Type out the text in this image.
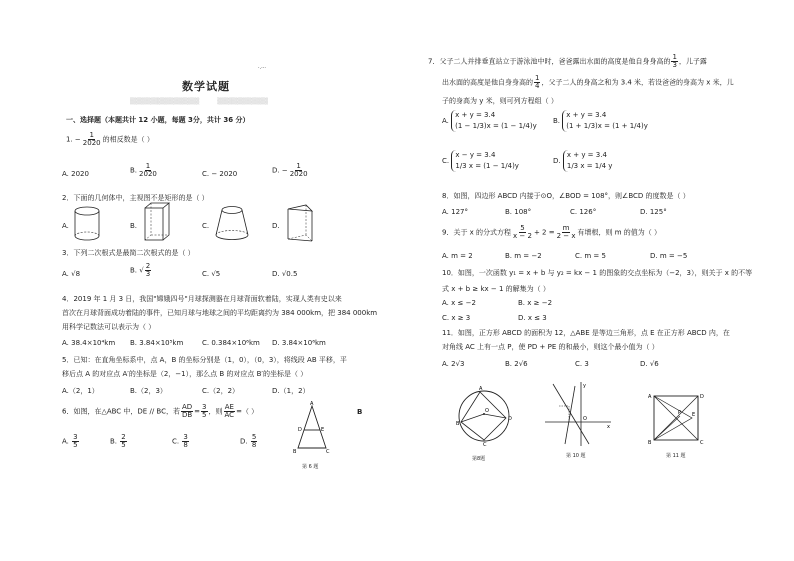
·.···
数学试题
▒▒▒▒▒▒▒▒▒▒▒▒▒▒▒　　　▒▒▒▒▒▒▒▒▒▒▒
一、选择题（本题共计 12 小题，每题 3分，共计 36 分）
1. − $\frac{1}{2020}$ 的相反数是（ ）
A. 2020	B. $\frac{1}{2020}$	C. − 2020	D. − $\frac{1}{2020}$
2．下面的几何体中，主视图不是矩形的是（ ）
A.	B.	C.	D.
3．下列二次根式是最简二次根式的是（ ）
A. √8	B. √ $\frac{2}{3}$	C. √5	D. √0.5
4．2019 年 1 月 3 日，我国"嫦娥四号"月球探测器在月球背面软着陆，实现人类有史以来
首次在月球背面成功着陆的事件，已知月球与地球之间的平均距离约为 384 000km，把 384 000km
用科学记数法可以表示为（ ）
A. 38.4×10⁴km B. 3.84×10⁵km	C. 0.384×10⁶km D. 3.84×10⁶km
5．已知：在直角坐标系中，点 A，B 的坐标分别是（1，0），（0，3），将线段 AB 平移，平
移后点 A 的对应点 A′的坐标是（2，−1），那么点 B 的对应点 B′的坐标是（ ）
A.（2，1）	B.（2，3）	C.（2，2）	D.（1，2）
6．如图，在△ABC 中，DE // BC，若 $\frac{AD}{DB} = \frac{3}{5}$ ，则 $\frac{AE}{AC}$ =（ ）
A. $\frac{3}{5}$	B. $\frac{2}{5}$	C. $\frac{3}{8}$	D. $\frac{5}{8}$
A
D	E
B	C
第 6 题
B
7．父子二人并排垂直站立于游泳池中时，爸爸露出水面的高度是他自身身高的 $\frac{1}{3}$ ，儿子露
出水面的高度是他自身身高的 $\frac{1}{4}$ ，父子二人的身高之和为 3.4 米，若设爸爸的身高为 x 米，儿
子的身高为 y 米，则可列方程组（ ）
A. x + y = 3.4
(1 − 1/3)x = (1 − 1/4)y
B. x + y = 3.4
(1 + 1/3)x = (1 + 1/4)y
C. x − y = 3.4
1/3 x = (1 − 1/4)y
D. x + y = 3.4
1/3 x = 1/4 y
8．如图，四边形 ABCD 内接于⊙O，∠BOD = 108°，则∠BCD 的度数是（ ）
A. 127°	B. 108°	C. 126°	D. 125°
9．关于 x 的分式方程 $\frac{5}{x - 2} + 2 = \frac{m}{2 - x}$ 有增根，则 m 的值为（ ）
A. m = 2	B. m = −2	C. m = 5	D. m = −5
10．如图，一次函数 y₁ = x + b 与 y₂ = kx − 1 的图象的交点坐标为（−2，3），则关于 x 的不等
式 x + b ≥ kx − 1 的解集为（ ）
A. x ≤ −2	B. x ≥ −2
C. x ≥ 3	D. x ≤ 3
11．如图，正方形 ABCD 的面积为 12，△ABE 是等边三角形，点 E 在正方形 ABCD 内，在
对角线 AC 上有一点 P，使 PD + PE 的和最小，则这个最小值为（ ）
A. 2√3	B. 2√6	C. 3	D. √6
A
B
C
D
O
第8题
O
x
y
第 10 题
A	D
B	C
E
P
第 11 题
